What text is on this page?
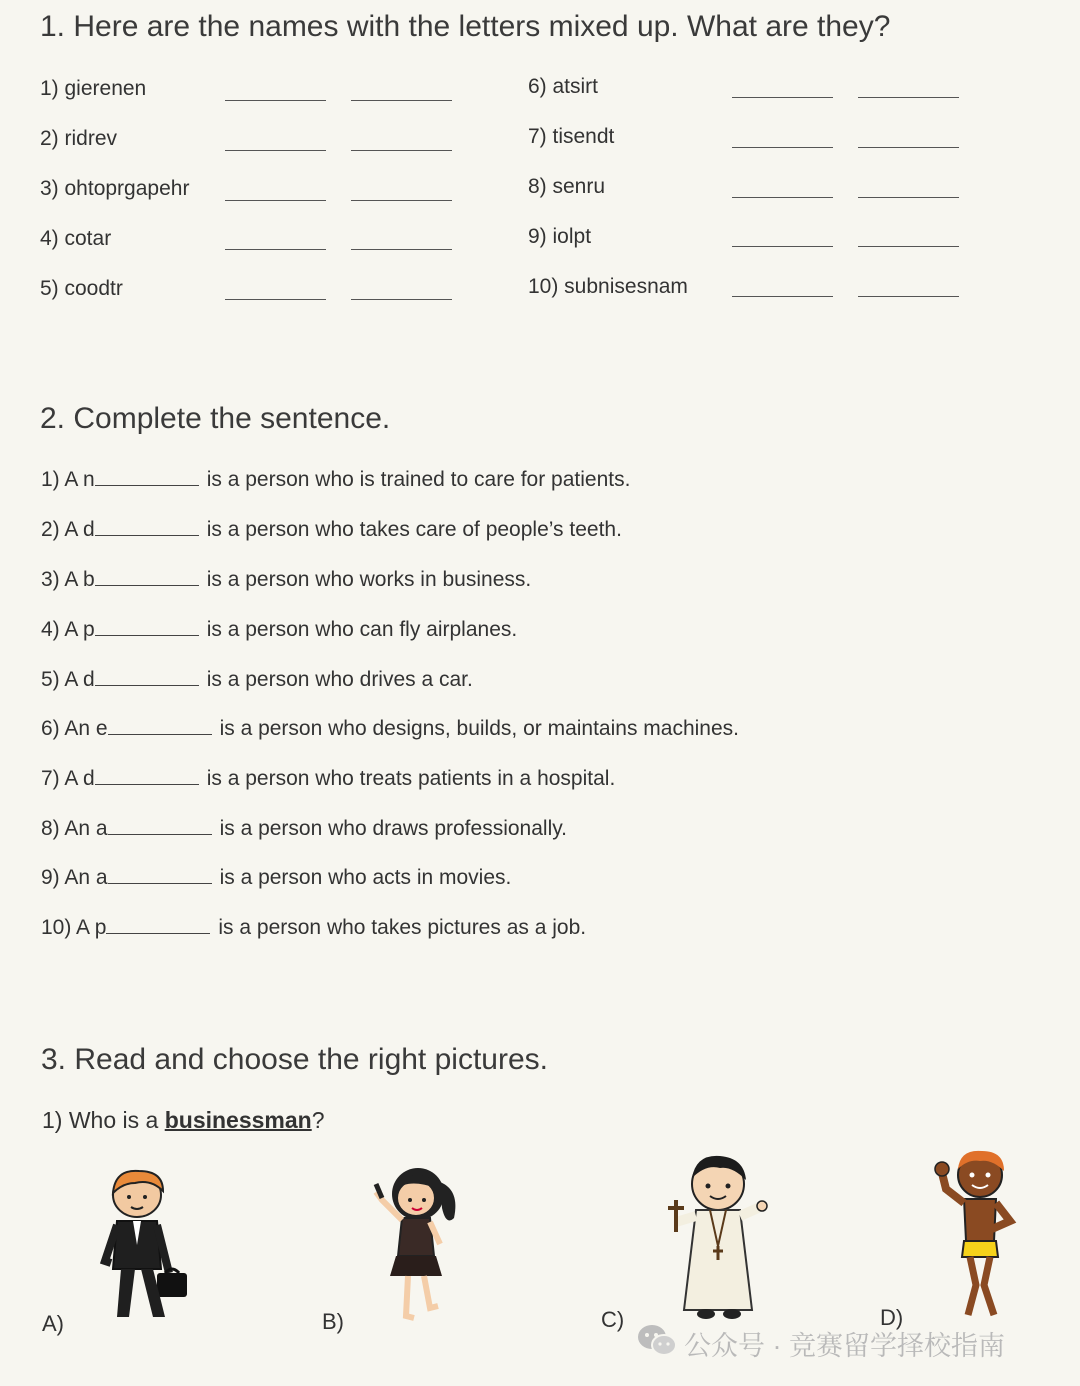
1. Here are the names with the letters mixed up. What are they?
1) gierenen
2) ridrev
3) ohtoprgapehr
4) cotar
5) coodtr
6) atsirt
7) tisendt
8) senru
9) iolpt
10) subnisesnam
2. Complete the sentence.
1) A n	is a person who is trained to care for patients.
2) A d	is a person who takes care of people’s teeth.
3) A b	is a person who works in business.
4) A p	is a person who can fly airplanes.
5) A d	is a person who drives a car.
6) An e	is a person who designs, builds, or maintains machines.
7) A d	is a person who treats patients in a hospital.
8) An a	is a person who draws professionally.
9) An a	is a person who acts in movies.
10) A p	is a person who takes pictures as a job.
3. Read and choose the right pictures.
1) Who is a businessman?
A)	B)	C)	D)
公众号 · 竞赛留学择校指南
